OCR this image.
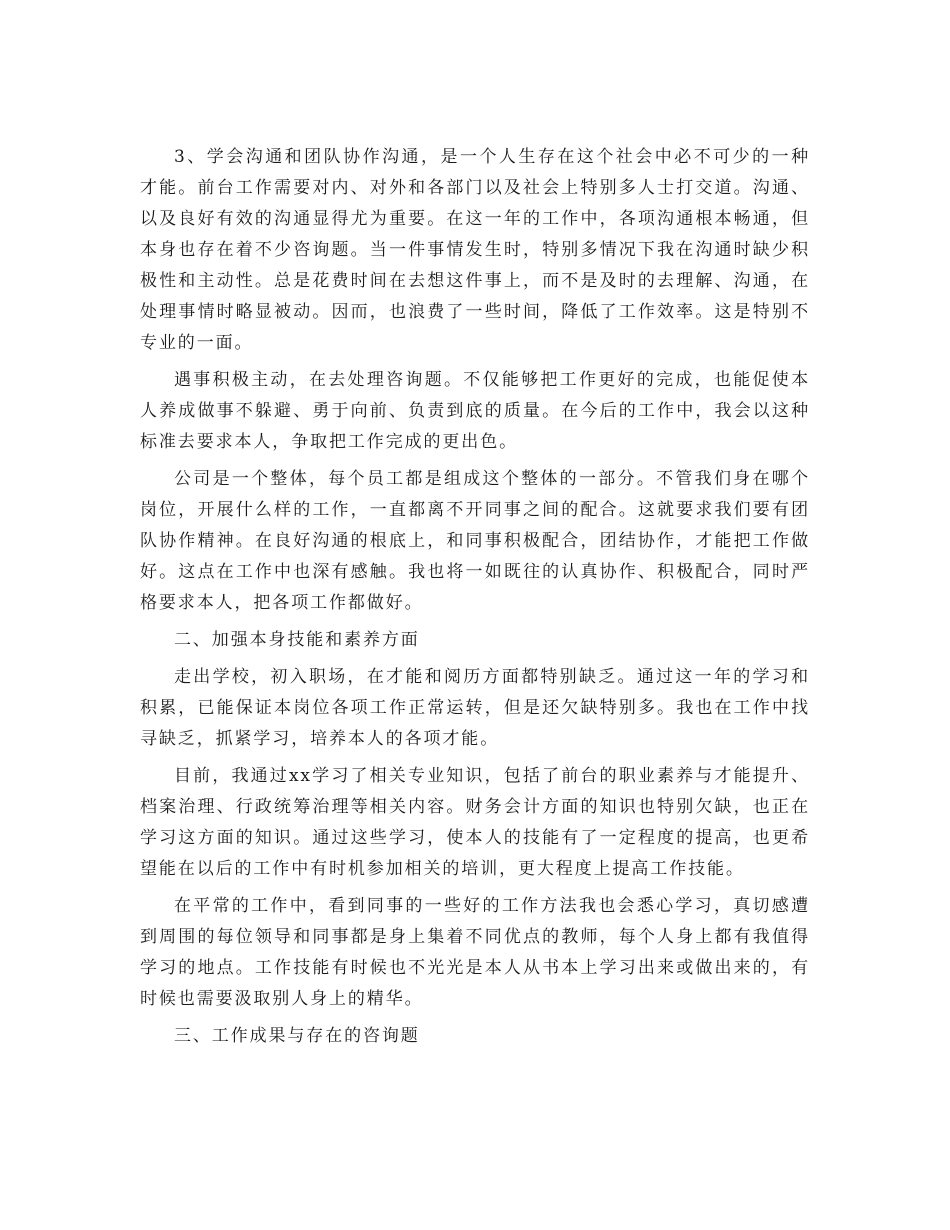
3、学会沟通和团队协作沟通，是一个人生存在这个社会中必不可少的一种才能。前台工作需要对内、对外和各部门以及社会上特别多人士打交道。沟通、以及良好有效的沟通显得尤为重要。在这一年的工作中，各项沟通根本畅通，但本身也存在着不少咨询题。当一件事情发生时，特别多情况下我在沟通时缺少积极性和主动性。总是花费时间在去想这件事上，而不是及时的去理解、沟通，在处理事情时略显被动。因而，也浪费了一些时间，降低了工作效率。这是特别不专业的一面。

遇事积极主动，在去处理咨询题。不仅能够把工作更好的完成，也能促使本人养成做事不躲避、勇于向前、负责到底的质量。在今后的工作中，我会以这种标准去要求本人，争取把工作完成的更出色。

公司是一个整体，每个员工都是组成这个整体的一部分。不管我们身在哪个岗位，开展什么样的工作，一直都离不开同事之间的配合。这就要求我们要有团队协作精神。在良好沟通的根底上，和同事积极配合，团结协作，才能把工作做好。这点在工作中也深有感触。我也将一如既往的认真协作、积极配合，同时严格要求本人，把各项工作都做好。

二、加强本身技能和素养方面

走出学校，初入职场，在才能和阅历方面都特别缺乏。通过这一年的学习和积累，已能保证本岗位各项工作正常运转，但是还欠缺特别多。我也在工作中找寻缺乏，抓紧学习，培养本人的各项才能。

目前，我通过xx学习了相关专业知识，包括了前台的职业素养与才能提升、档案治理、行政统筹治理等相关内容。财务会计方面的知识也特别欠缺，也正在学习这方面的知识。通过这些学习，使本人的技能有了一定程度的提高，也更希望能在以后的工作中有时机参加相关的培训，更大程度上提高工作技能。

在平常的工作中，看到同事的一些好的工作方法我也会悉心学习，真切感遭到周围的每位领导和同事都是身上集着不同优点的教师，每个人身上都有我值得学习的地点。工作技能有时候也不光光是本人从书本上学习出来或做出来的，有时候也需要汲取别人身上的精华。

三、工作成果与存在的咨询题
